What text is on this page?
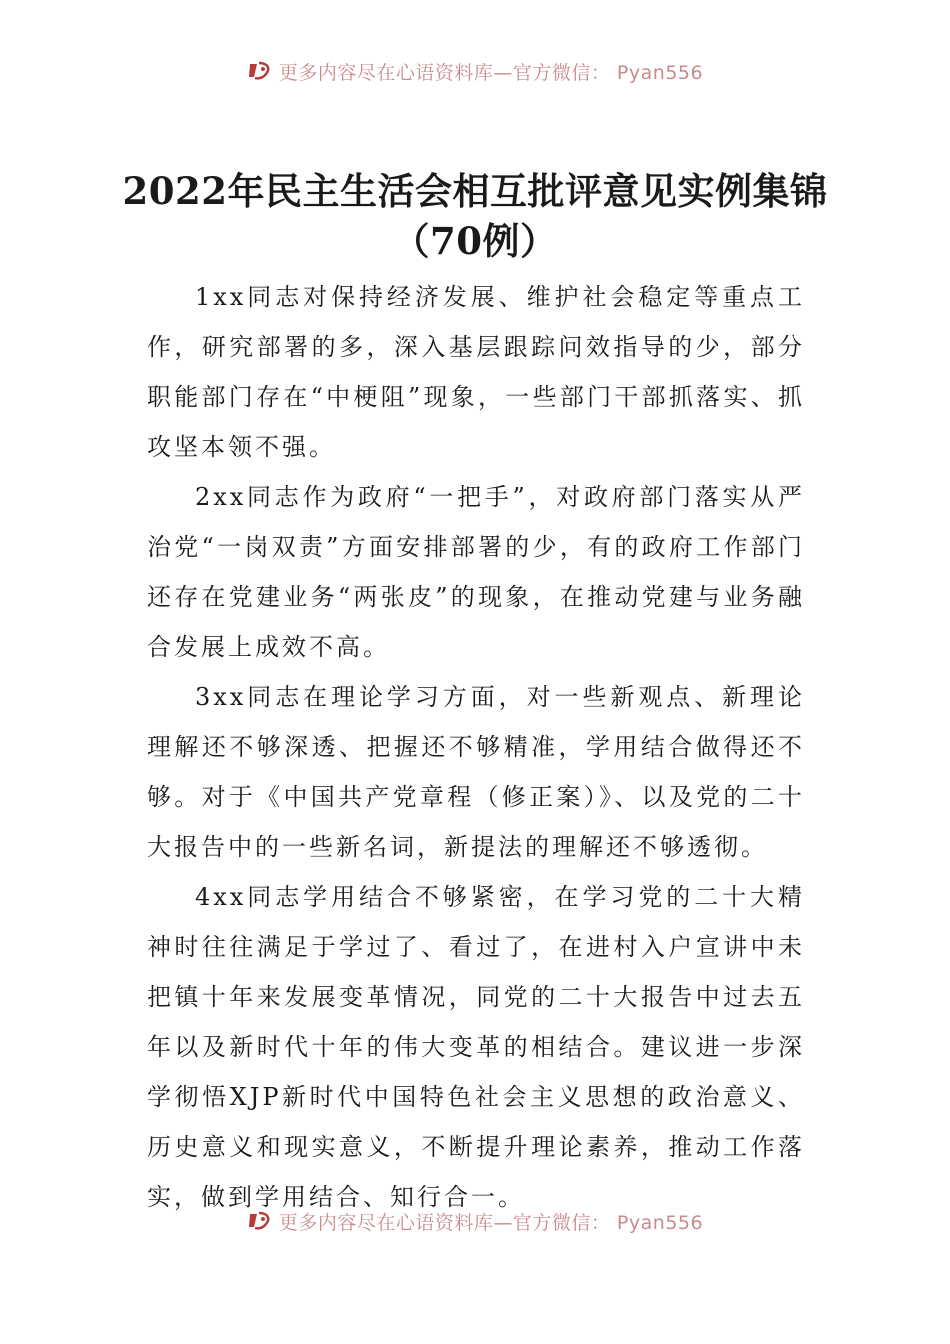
更多内容尽在心语资料库—官方微信： Pyan556
2022年民主生活会相互批评意见实例集锦
（70例）

1xx同志对保持经济发展、维护社会稳定等重点工作，研究部署的多，深入基层跟踪问效指导的少，部分职能部门存在“中梗阻”现象，一些部门干部抓落实、抓攻坚本领不强。

2xx同志作为政府“一把手”，对政府部门落实从严治党“一岗双责”方面安排部署的少，有的政府工作部门还存在党建业务“两张皮”的现象，在推动党建与业务融合发展上成效不高。

3xx同志在理论学习方面，对一些新观点、新理论理解还不够深透、把握还不够精准，学用结合做得还不够。对于《中国共产党章程（修正案）》、以及党的二十大报告中的一些新名词，新提法的理解还不够透彻。

4xx同志学用结合不够紧密，在学习党的二十大精神时往往满足于学过了、看过了，在进村入户宣讲中未把镇十年来发展变革情况，同党的二十大报告中过去五年以及新时代十年的伟大变革的相结合。建议进一步深学彻悟XJP新时代中国特色社会主义思想的政治意义、历史意义和现实意义，不断提升理论素养，推动工作落实，做到学用结合、知行合一。

更多内容尽在心语资料库—官方微信： Pyan556
